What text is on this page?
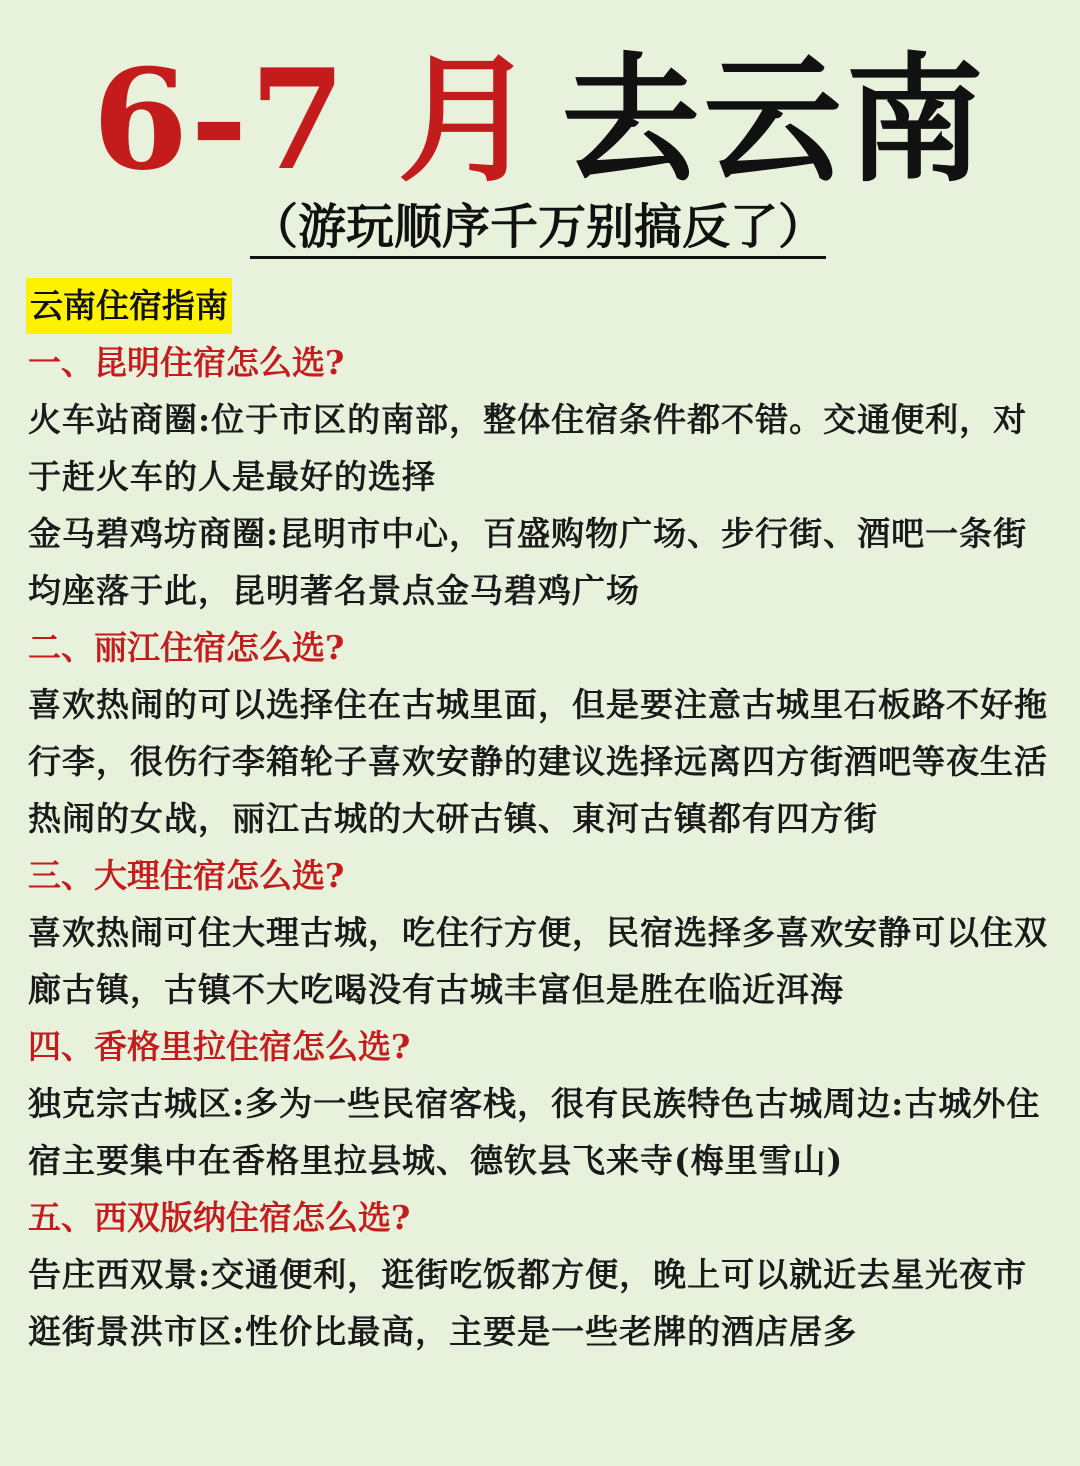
6-7 月 去云南
（游玩顺序千万别搞反了）
云南住宿指南
一、昆明住宿怎么选?
火车站商圈:位于市区的南部，整体住宿条件都不错。交通便利，对于赶火车的人是最好的选择
金马碧鸡坊商圈:昆明市中心，百盛购物广场、步行街、酒吧一条街均座落于此，昆明著名景点金马碧鸡广场
二、丽江住宿怎么选?
喜欢热闹的可以选择住在古城里面，但是要注意古城里石板路不好拖行李，很伤行李箱轮子喜欢安静的建议选择远离四方街酒吧等夜生活热闹的女战，丽江古城的大研古镇、東河古镇都有四方街
三、大理住宿怎么选?
喜欢热闹可住大理古城，吃住行方便，民宿选择多喜欢安静可以住双廊古镇，古镇不大吃喝没有古城丰富但是胜在临近洱海
四、香格里拉住宿怎么选?
独克宗古城区:多为一些民宿客栈，很有民族特色古城周边:古城外住宿主要集中在香格里拉县城、德钦县飞来寺(梅里雪山)
五、西双版纳住宿怎么选?
告庄西双景:交通便利，逛街吃饭都方便，晚上可以就近去星光夜市逛街景洪市区:性价比最高，主要是一些老牌的酒店居多
